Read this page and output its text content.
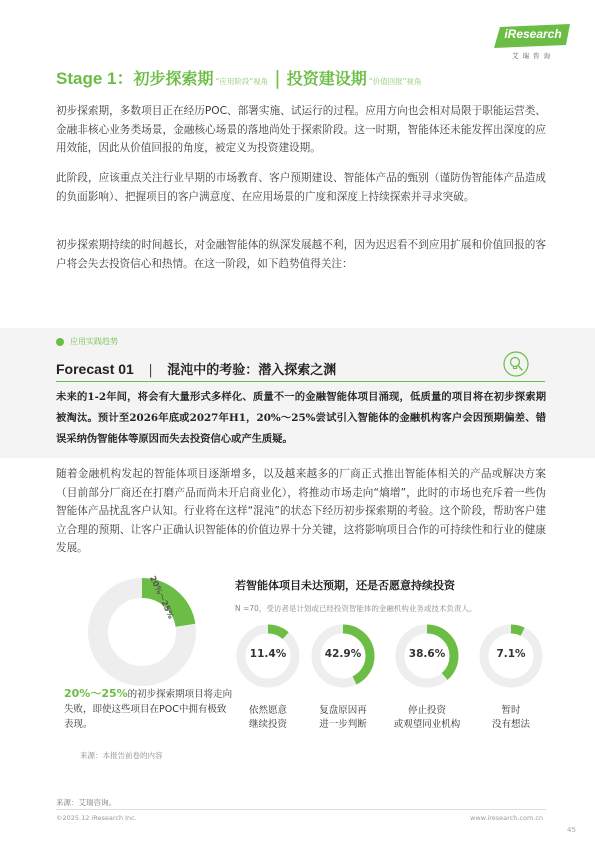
iResearch
艾瑞咨询
Stage 1： 初步探索期 “应用阶段”视角 | 投资建设期 “价值回报”视角

初步探索期，多数项目正在经历POC、部署实施、试运行的过程。应用方向也会相对局限于职能运营类、金融非核心业务类场景，金融核心场景的落地尚处于探索阶段。这一时期，智能体还未能发挥出深度的应用效能，因此从价值回报的角度，被定义为投资建设期。

此阶段，应该重点关注行业早期的市场教育、客户预期建设、智能体产品的甄别（谨防伪智能体产品造成的负面影响）、把握项目的客户满意度、在应用场景的广度和深度上持续探索并寻求突破。

初步探索期持续的时间越长，对金融智能体的纵深发展越不利，因为迟迟看不到应用扩展和价值回报的客户将会失去投资信心和热情。在这一阶段，如下趋势值得关注：

应用实践趋势
Forecast 01 | 混沌中的考验：潜入探索之渊

未来的1-2年间，将会有大量形式多样化、质量不一的金融智能体项目涌现，低质量的项目将在初步探索期被淘汰。预计至2026年底或2027年H1，20%～25%尝试引入智能体的金融机构客户会因预期偏差、错误采纳伪智能体等原因而失去投资信心或产生质疑。

随着金融机构发起的智能体项目逐渐增多，以及越来越多的厂商正式推出智能体相关的产品或解决方案（目前部分厂商还在打磨产品而尚未开启商业化），将推动市场走向“熵增”，此时的市场也充斥着一些伪智能体产品扰乱客户认知。行业将在这样“混沌”的状态下经历初步探索期的考验。这个阶段，帮助客户建立合理的预期、让客户正确认识智能体的价值边界十分关键，这将影响项目合作的可持续性和行业的健康发展。

20%～25%
20%～25%的初步探索期项目将走向失败，即使这些项目在POC中拥有极致表现。
来源：本报告前卷的内容
若智能体项目未达预期，还是否愿意持续投资
N =70，受访者是计划或已经投资智能体的金融机构业务或技术负责人。
11.4%
依然愿意
继续投资
42.9%
复盘原因再
进一步判断
38.6%
停止投资
或观望同业机构
7.1%
暂时
没有想法
来源：艾瑞咨询。
©2025.12 iResearch Inc.	www.iresearch.com.cn
45
